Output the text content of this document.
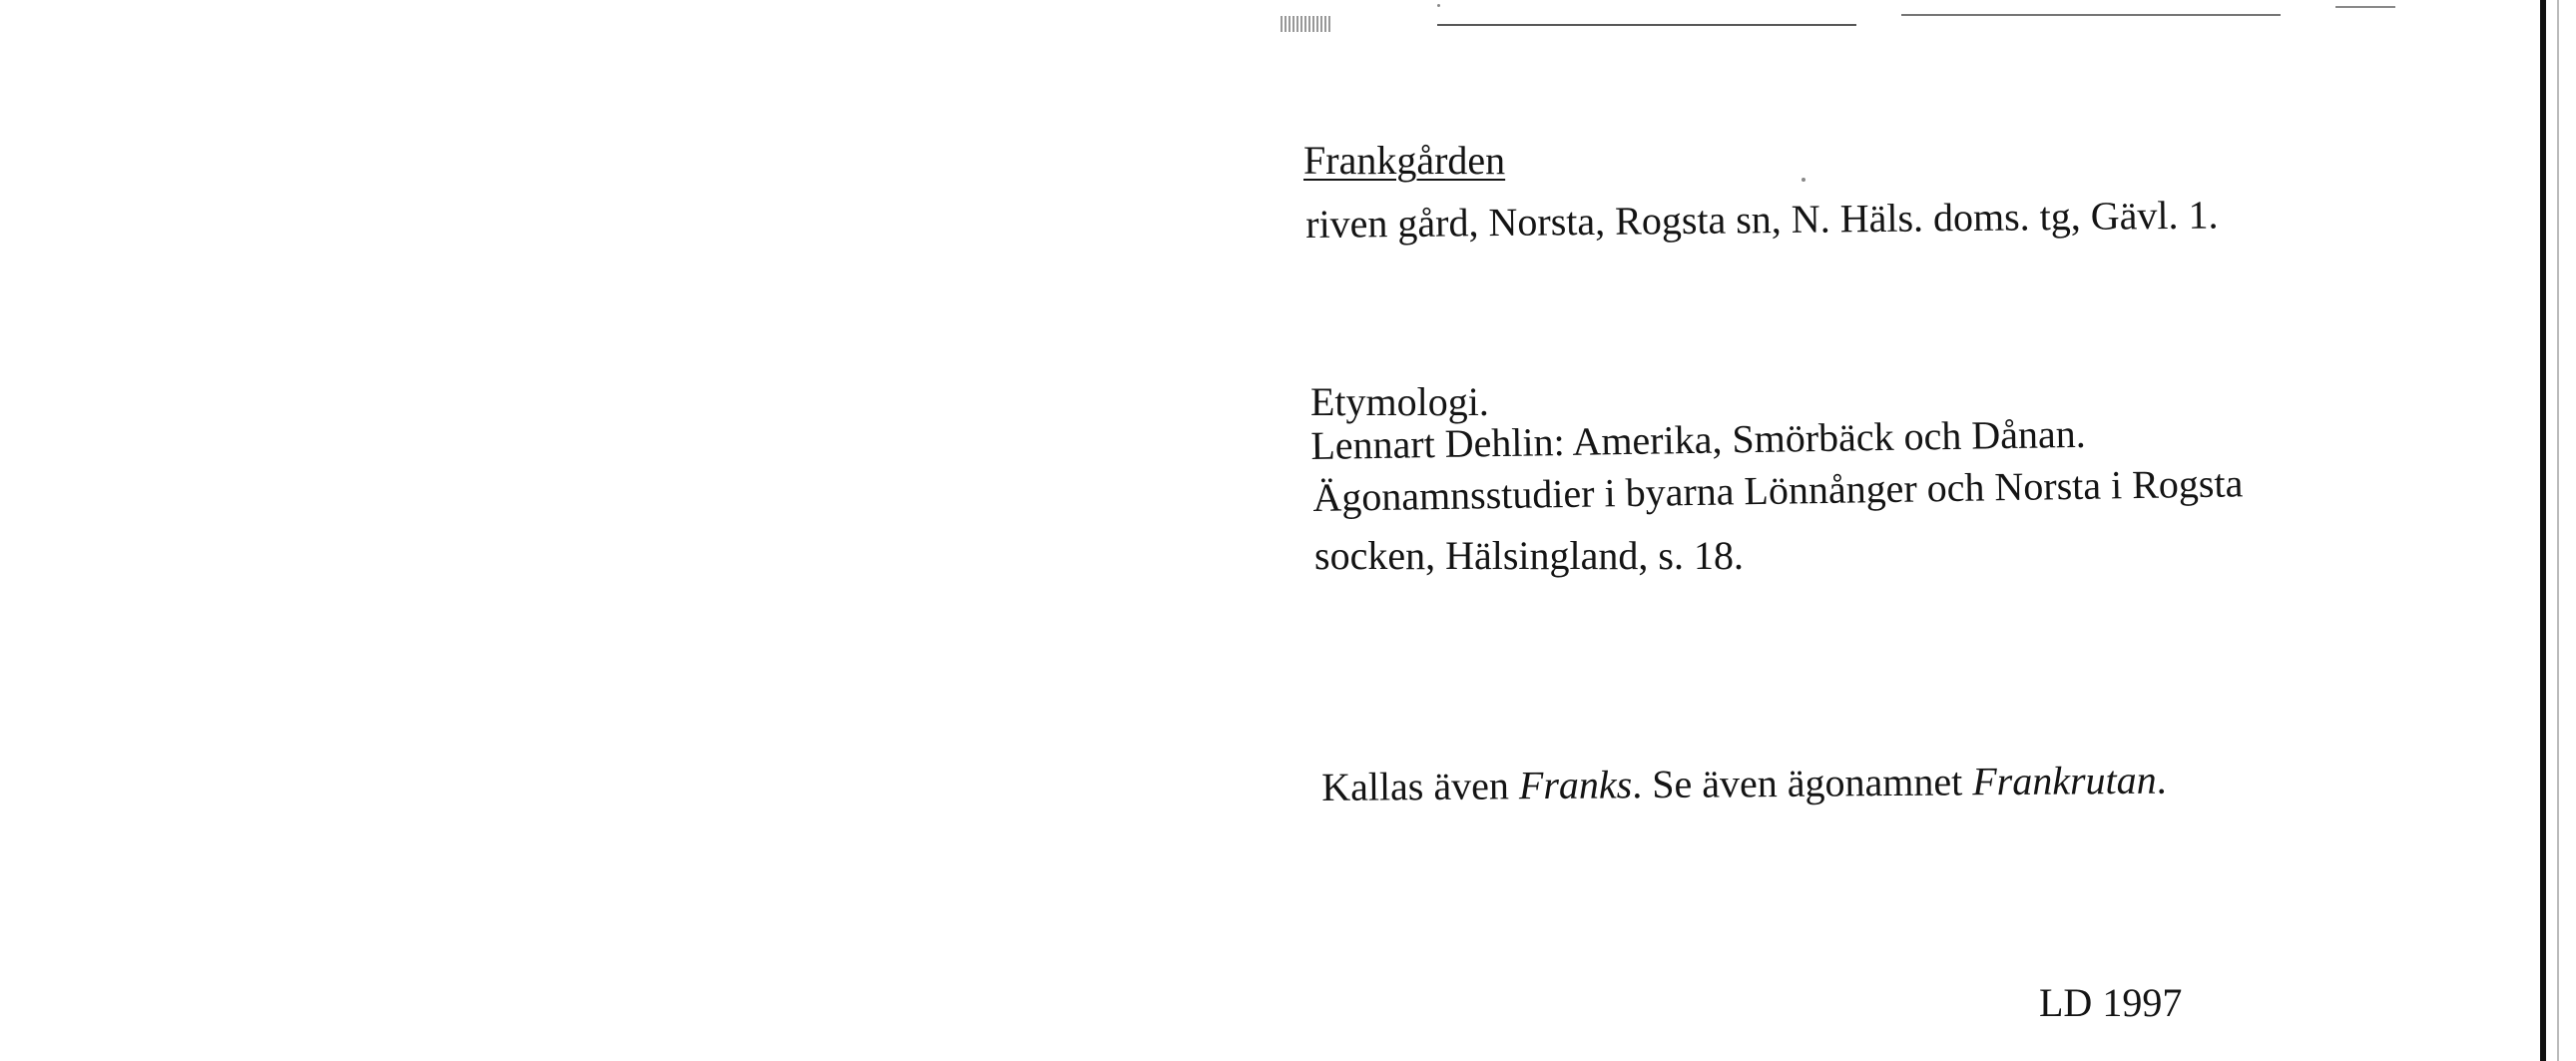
Frankgården
riven gård, Norsta, Rogsta sn, N. Häls. doms. tg, Gävl. 1.
Etymologi.
Lennart Dehlin: Amerika, Smörbäck och Dånan.
Ägonamnsstudier i byarna Lönnånger och Norsta i Rogsta
socken, Hälsingland, s. 18.
Kallas även Franks. Se även ägonamnet Frankrutan.
LD 1997
